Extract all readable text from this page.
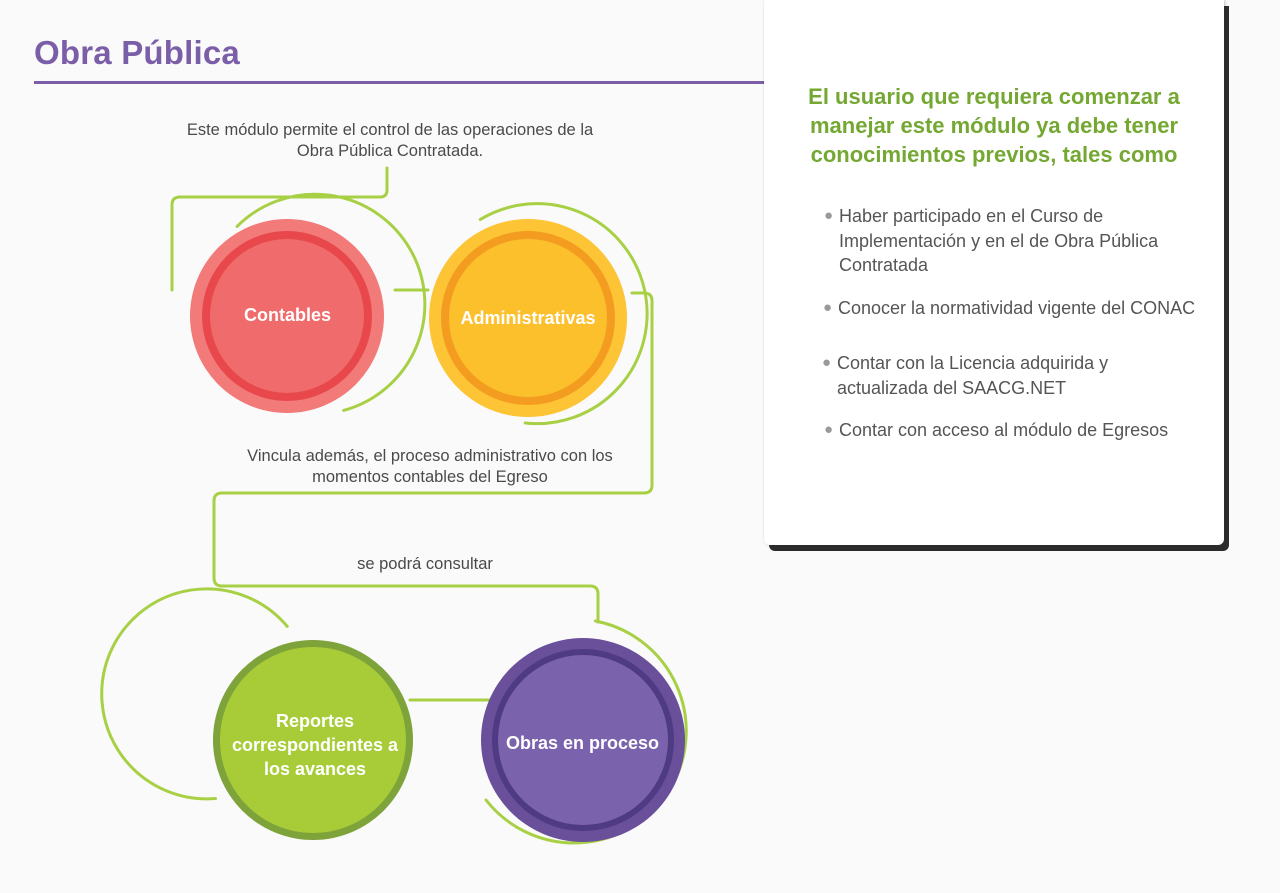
Obra Pública
Este módulo permite el control de las operaciones de la Obra Pública Contratada.
Vincula además, el proceso administrativo con los momentos contables del Egreso
se podrá consultar
Contables	Administrativas
Reportes correspondientes a los avances
Obras en proceso
El usuario que requiera comenzar a manejar este módulo ya debe tener conocimientos previos, tales como
● Haber participado en el Curso de Implementación y en el de Obra Pública Contratada
● Conocer la normatividad vigente del CONAC
● Contar con la Licencia adquirida y actualizada del SAACG.NET
● Contar con acceso al módulo de Egresos
